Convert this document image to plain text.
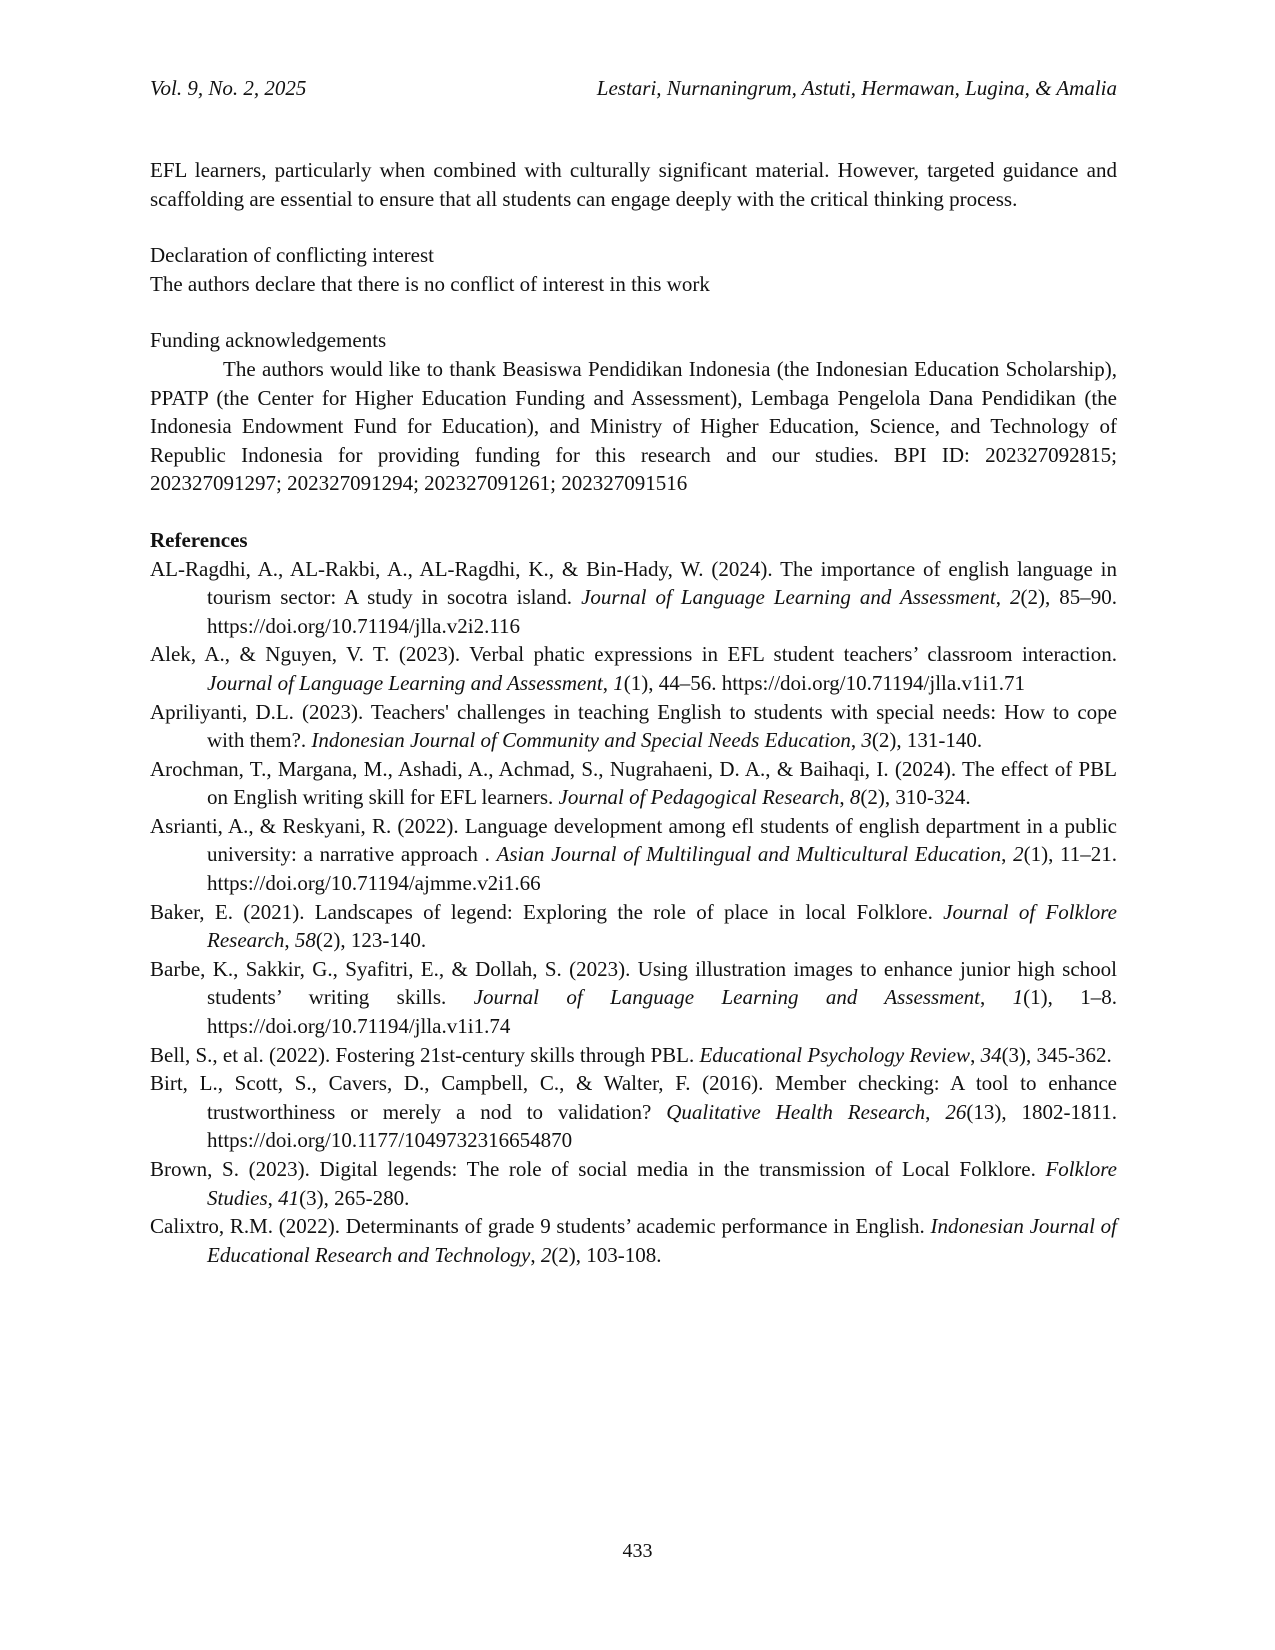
Vol. 9, No. 2, 2025	Lestari, Nurnaningrum, Astuti, Hermawan, Lugina, & Amalia

EFL learners, particularly when combined with culturally significant material. However, targeted guidance and scaffolding are essential to ensure that all students can engage deeply with the critical thinking process.

Declaration of conflicting interest

The authors declare that there is no conflict of interest in this work

Funding acknowledgements

The authors would like to thank Beasiswa Pendidikan Indonesia (the Indonesian Education Scholarship), PPATP (the Center for Higher Education Funding and Assessment), Lembaga Pengelola Dana Pendidikan (the Indonesia Endowment Fund for Education), and Ministry of Higher Education, Science, and Technology of Republic Indonesia for providing funding for this research and our studies. BPI ID: 202327092815; 202327091297; 202327091294; 202327091261; 202327091516

References

AL-Ragdhi, A., AL-Rakbi, A., AL-Ragdhi, K., & Bin-Hady, W. (2024). The importance of english language in tourism sector: A study in socotra island. Journal of Language Learning and Assessment, 2(2), 85–90. https://doi.org/10.71194/jlla.v2i2.116

Alek, A., & Nguyen, V. T. (2023). Verbal phatic expressions in EFL student teachers’ classroom interaction. Journal of Language Learning and Assessment, 1(1), 44–56. https://doi.org/10.71194/jlla.v1i1.71

Apriliyanti, D.L. (2023). Teachers' challenges in teaching English to students with special needs: How to cope with them?. Indonesian Journal of Community and Special Needs Education, 3(2), 131-140.

Arochman, T., Margana, M., Ashadi, A., Achmad, S., Nugrahaeni, D. A., & Baihaqi, I. (2024). The effect of PBL on English writing skill for EFL learners. Journal of Pedagogical Research, 8(2), 310-324.

Asrianti, A., & Reskyani, R. (2022). Language development among efl students of english department in a public university: a narrative approach . Asian Journal of Multilingual and Multicultural Education, 2(1), 11–21. https://doi.org/10.71194/ajmme.v2i1.66

Baker, E. (2021). Landscapes of legend: Exploring the role of place in local Folklore. Journal of Folklore Research, 58(2), 123-140.

Barbe, K., Sakkir, G., Syafitri, E., & Dollah, S. (2023). Using illustration images to enhance junior high school students’ writing skills. Journal of Language Learning and Assessment, 1(1), 1–8. https://doi.org/10.71194/jlla.v1i1.74

Bell, S., et al. (2022). Fostering 21st-century skills through PBL. Educational Psychology Review, 34(3), 345-362.

Birt, L., Scott, S., Cavers, D., Campbell, C., & Walter, F. (2016). Member checking: A tool to enhance trustworthiness or merely a nod to validation? Qualitative Health Research, 26(13), 1802-1811. https://doi.org/10.1177/1049732316654870

Brown, S. (2023). Digital legends: The role of social media in the transmission of Local Folklore. Folklore Studies, 41(3), 265-280.

Calixtro, R.M. (2022). Determinants of grade 9 students’ academic performance in English. Indonesian Journal of Educational Research and Technology, 2(2), 103-108.

433
